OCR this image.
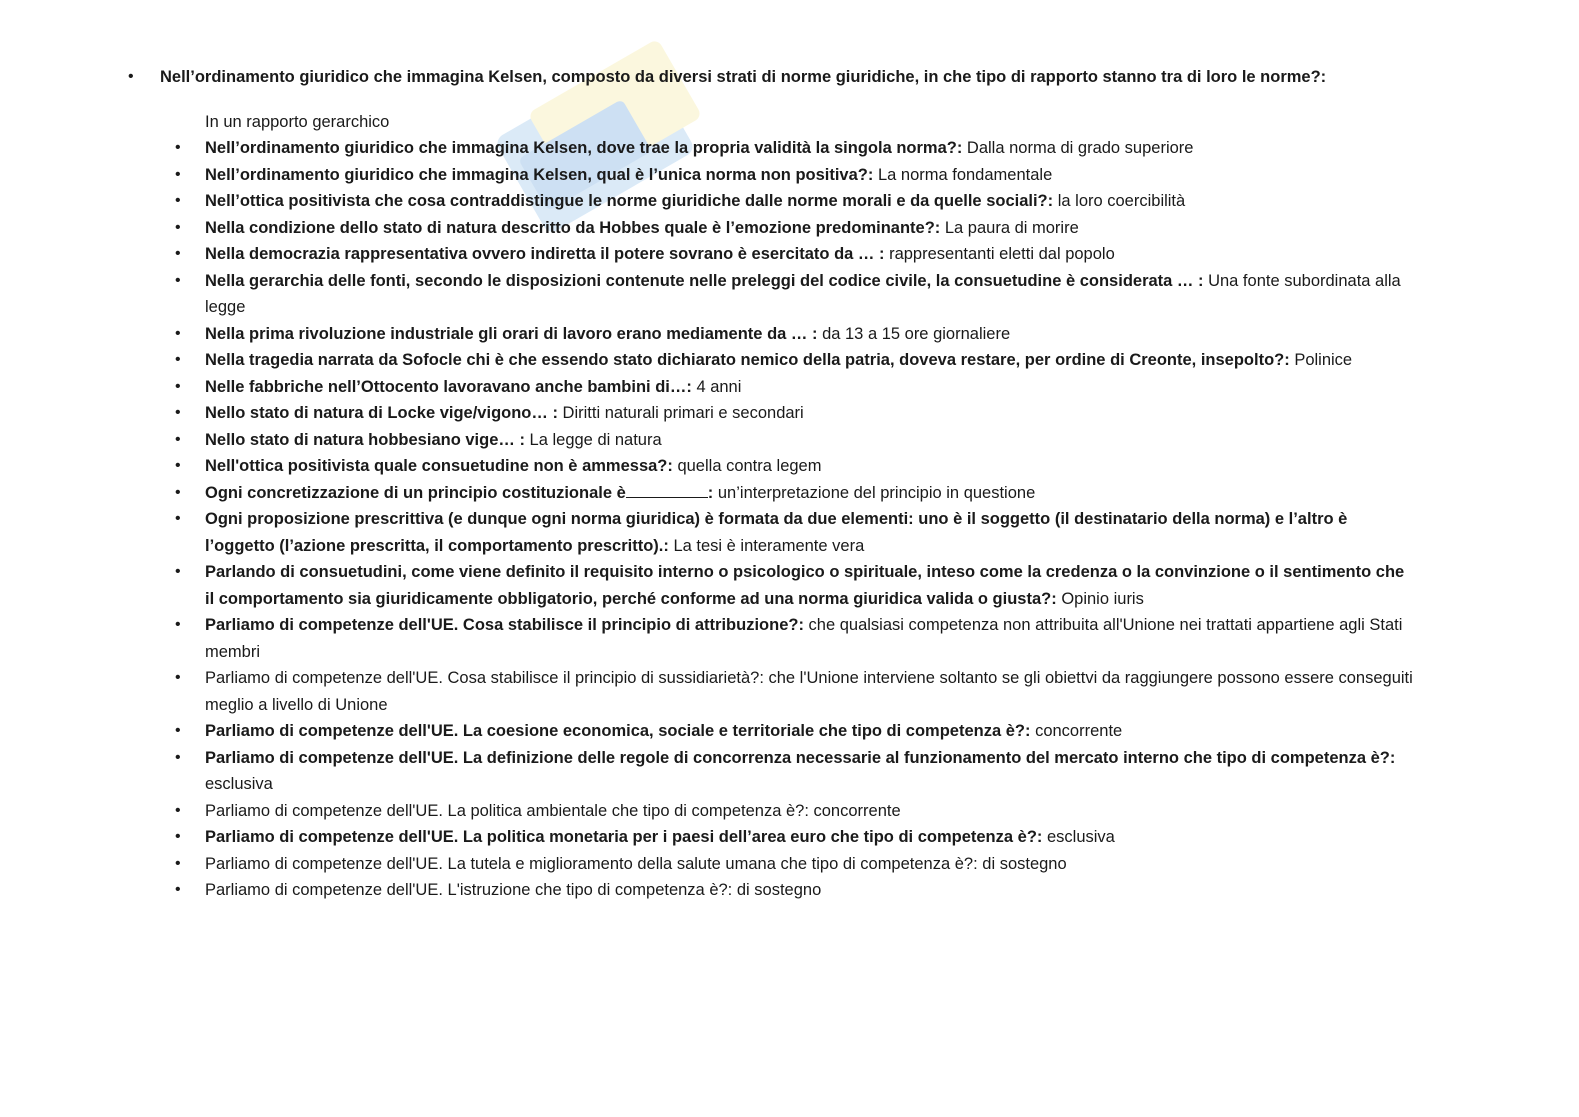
• Nell’ordinamento giuridico che immagina Kelsen, composto da diversi strati di norme giuridiche, in che tipo di rapporto stanno tra di loro le norme?:

In un rapporto gerarchico

• Nell’ordinamento giuridico che immagina Kelsen, dove trae la propria validità la singola norma?: Dalla norma di grado superiore
• Nell’ordinamento giuridico che immagina Kelsen, qual è l’unica norma non positiva?: La norma fondamentale
• Nell’ottica positivista che cosa contraddistingue le norme giuridiche dalle norme morali e da quelle sociali?: la loro coercibilità
• Nella condizione dello stato di natura descritto da Hobbes quale è l’emozione predominante?: La paura di morire
• Nella democrazia rappresentativa ovvero indiretta il potere sovrano è esercitato da … : rappresentanti eletti dal popolo
• Nella gerarchia delle fonti, secondo le disposizioni contenute nelle preleggi del codice civile, la consuetudine è considerata … : Una fonte subordinata alla legge
• Nella prima rivoluzione industriale gli orari di lavoro erano mediamente da … : da 13 a 15 ore giornaliere
• Nella tragedia narrata da Sofocle chi è che essendo stato dichiarato nemico della patria, doveva restare, per ordine di Creonte, insepolto?: Polinice
• Nelle fabbriche nell’Ottocento lavoravano anche bambini di…: 4 anni
• Nello stato di natura di Locke vige/vigono… : Diritti naturali primari e secondari
• Nello stato di natura hobbesiano vige… : La legge di natura
• Nell'ottica positivista quale consuetudine non è ammessa?: quella contra legem
• Ogni concretizzazione di un principio costituzionale è	: un’interpretazione del principio in questione
• Ogni proposizione prescrittiva (e dunque ogni norma giuridica) è formata da due elementi: uno è il soggetto (il destinatario della norma) e l’altro è l’oggetto (l’azione prescritta, il comportamento prescritto).: La tesi è interamente vera
• Parlando di consuetudini, come viene definito il requisito interno o psicologico o spirituale, inteso come la credenza o la convinzione o il sentimento che il comportamento sia giuridicamente obbligatorio, perché conforme ad una norma giuridica valida o giusta?: Opinio iuris
• Parliamo di competenze dell'UE. Cosa stabilisce il principio di attribuzione?: che qualsiasi competenza non attribuita all'Unione nei trattati appartiene agli Stati membri
• Parliamo di competenze dell'UE. Cosa stabilisce il principio di sussidiarietà?: che l'Unione interviene soltanto se gli obiettvi da raggiungere possono essere conseguiti meglio a livello di Unione
• Parliamo di competenze dell'UE. La coesione economica, sociale e territoriale che tipo di competenza è?: concorrente
• Parliamo di competenze dell'UE. La definizione delle regole di concorrenza necessarie al funzionamento del mercato interno che tipo di competenza è?: esclusiva
• Parliamo di competenze dell'UE. La politica ambientale che tipo di competenza è?: concorrente
• Parliamo di competenze dell'UE. La politica monetaria per i paesi dell’area euro che tipo di competenza è?: esclusiva
• Parliamo di competenze dell'UE. La tutela e miglioramento della salute umana che tipo di competenza è?: di sostegno
• Parliamo di competenze dell'UE. L'istruzione che tipo di competenza è?: di sostegno
